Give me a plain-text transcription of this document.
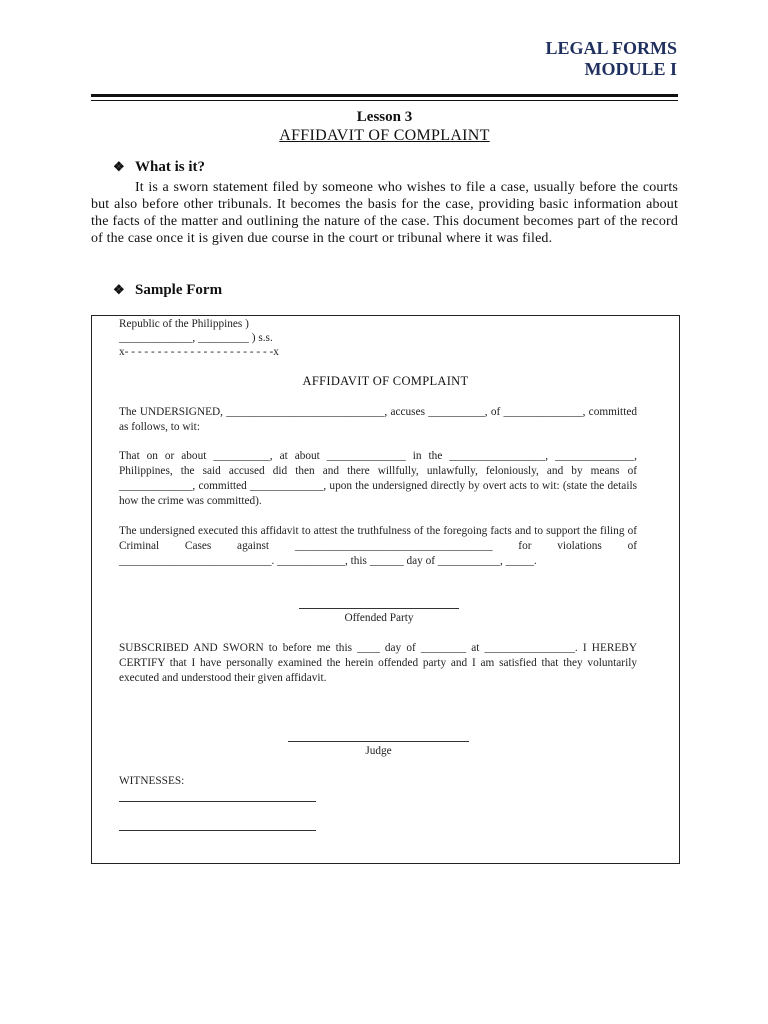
LEGAL FORMS
MODULE I
Lesson 3
AFFIDAVIT OF COMPLAINT
❖ What is it?
It is a sworn statement filed by someone who wishes to file a case, usually before the courts but also before other tribunals. It becomes the basis for the case, providing basic information about the facts of the matter and outlining the nature of the case. This document becomes part of the record of the case once it is given due course in the court or tribunal where it was filed.
❖ Sample Form
Republic of the Philippines )
_____________, _________ ) s.s.
x- - - - - - - - - - - - - - - - - - - - - - -x
AFFIDAVIT OF COMPLAINT
The UNDERSIGNED, ____________________________, accuses __________, of ______________, committed as follows, to wit:
That on or about __________, at about ______________ in the _________________, ______________, Philippines, the said accused did then and there willfully, unlawfully, feloniously, and by means of _____________, committed _____________, upon the undersigned directly by overt acts to wit: (state the details how the crime was committed).
The undersigned executed this affidavit to attest the truthfulness of the foregoing facts and to support the filing of Criminal Cases against ___________________________________ for violations of ___________________________. ____________, this ______ day of ___________, _____.
Offended Party
SUBSCRIBED AND SWORN to before me this ____ day of ________ at ________________. I HEREBY CERTIFY that I have personally examined the herein offended party and I am satisfied that they voluntarily executed and understood their given affidavit.
Judge
WITNESSES:
